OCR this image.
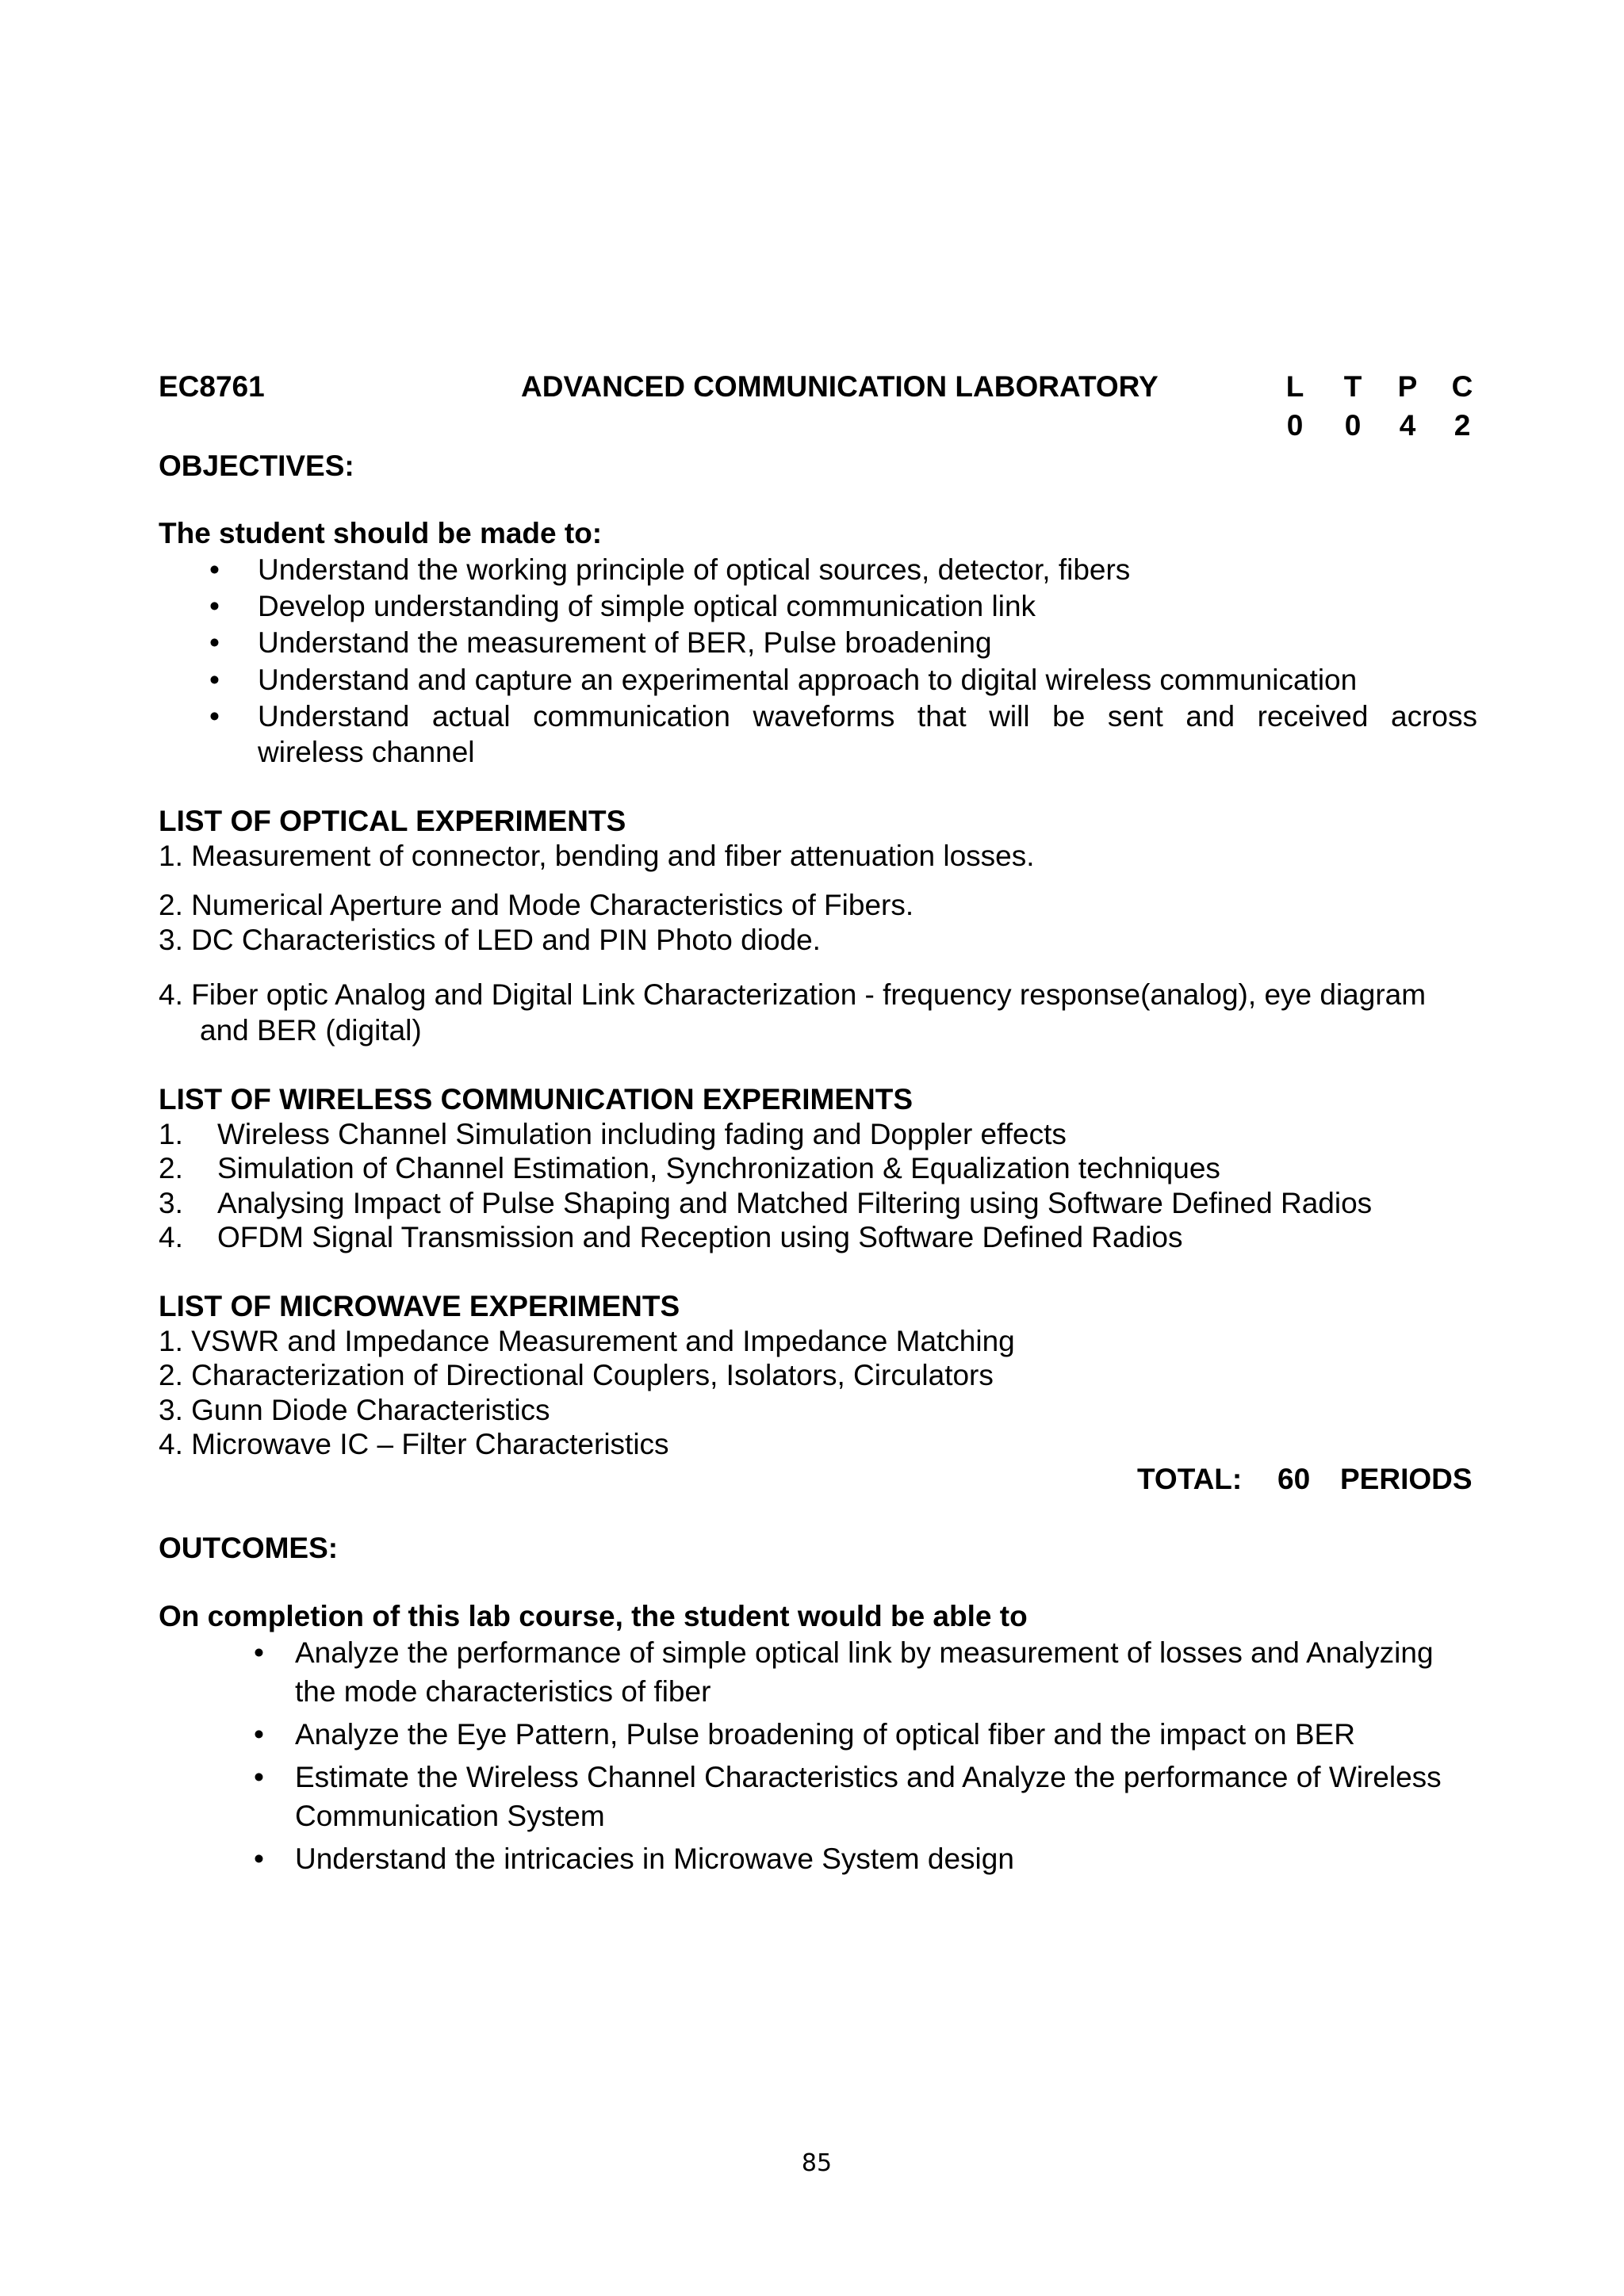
EC8761	ADVANCED COMMUNICATION LABORATORY	L T P C
0 0 4 2
OBJECTIVES:
The student should be made to:
• Understand the working principle of optical sources, detector, fibers
• Develop understanding of simple optical communication link
• Understand the measurement of BER, Pulse broadening
• Understand and capture an experimental approach to digital wireless communication
• Understand actual communication waveforms that will be sent and received across
wireless channel
LIST OF OPTICAL EXPERIMENTS
1. Measurement of connector, bending and fiber attenuation losses.
2. Numerical Aperture and Mode Characteristics of Fibers.
3. DC Characteristics of LED and PIN Photo diode.
4. Fiber optic Analog and Digital Link Characterization - frequency response(analog), eye diagram
and BER (digital)
LIST OF WIRELESS COMMUNICATION EXPERIMENTS
1. Wireless Channel Simulation including fading and Doppler effects
2. Simulation of Channel Estimation, Synchronization & Equalization techniques
3. Analysing Impact of Pulse Shaping and Matched Filtering using Software Defined Radios
4. OFDM Signal Transmission and Reception using Software Defined Radios
LIST OF MICROWAVE EXPERIMENTS
1. VSWR and Impedance Measurement and Impedance Matching
2. Characterization of Directional Couplers, Isolators, Circulators
3. Gunn Diode Characteristics
4. Microwave IC – Filter Characteristics
TOTAL: 60 PERIODS
OUTCOMES:
On completion of this lab course, the student would be able to
• Analyze the performance of simple optical link by measurement of losses and Analyzing
the mode characteristics of fiber
• Analyze the Eye Pattern, Pulse broadening of optical fiber and the impact on BER
• Estimate the Wireless Channel Characteristics and Analyze the performance of Wireless
Communication System
• Understand the intricacies in Microwave System design
85
